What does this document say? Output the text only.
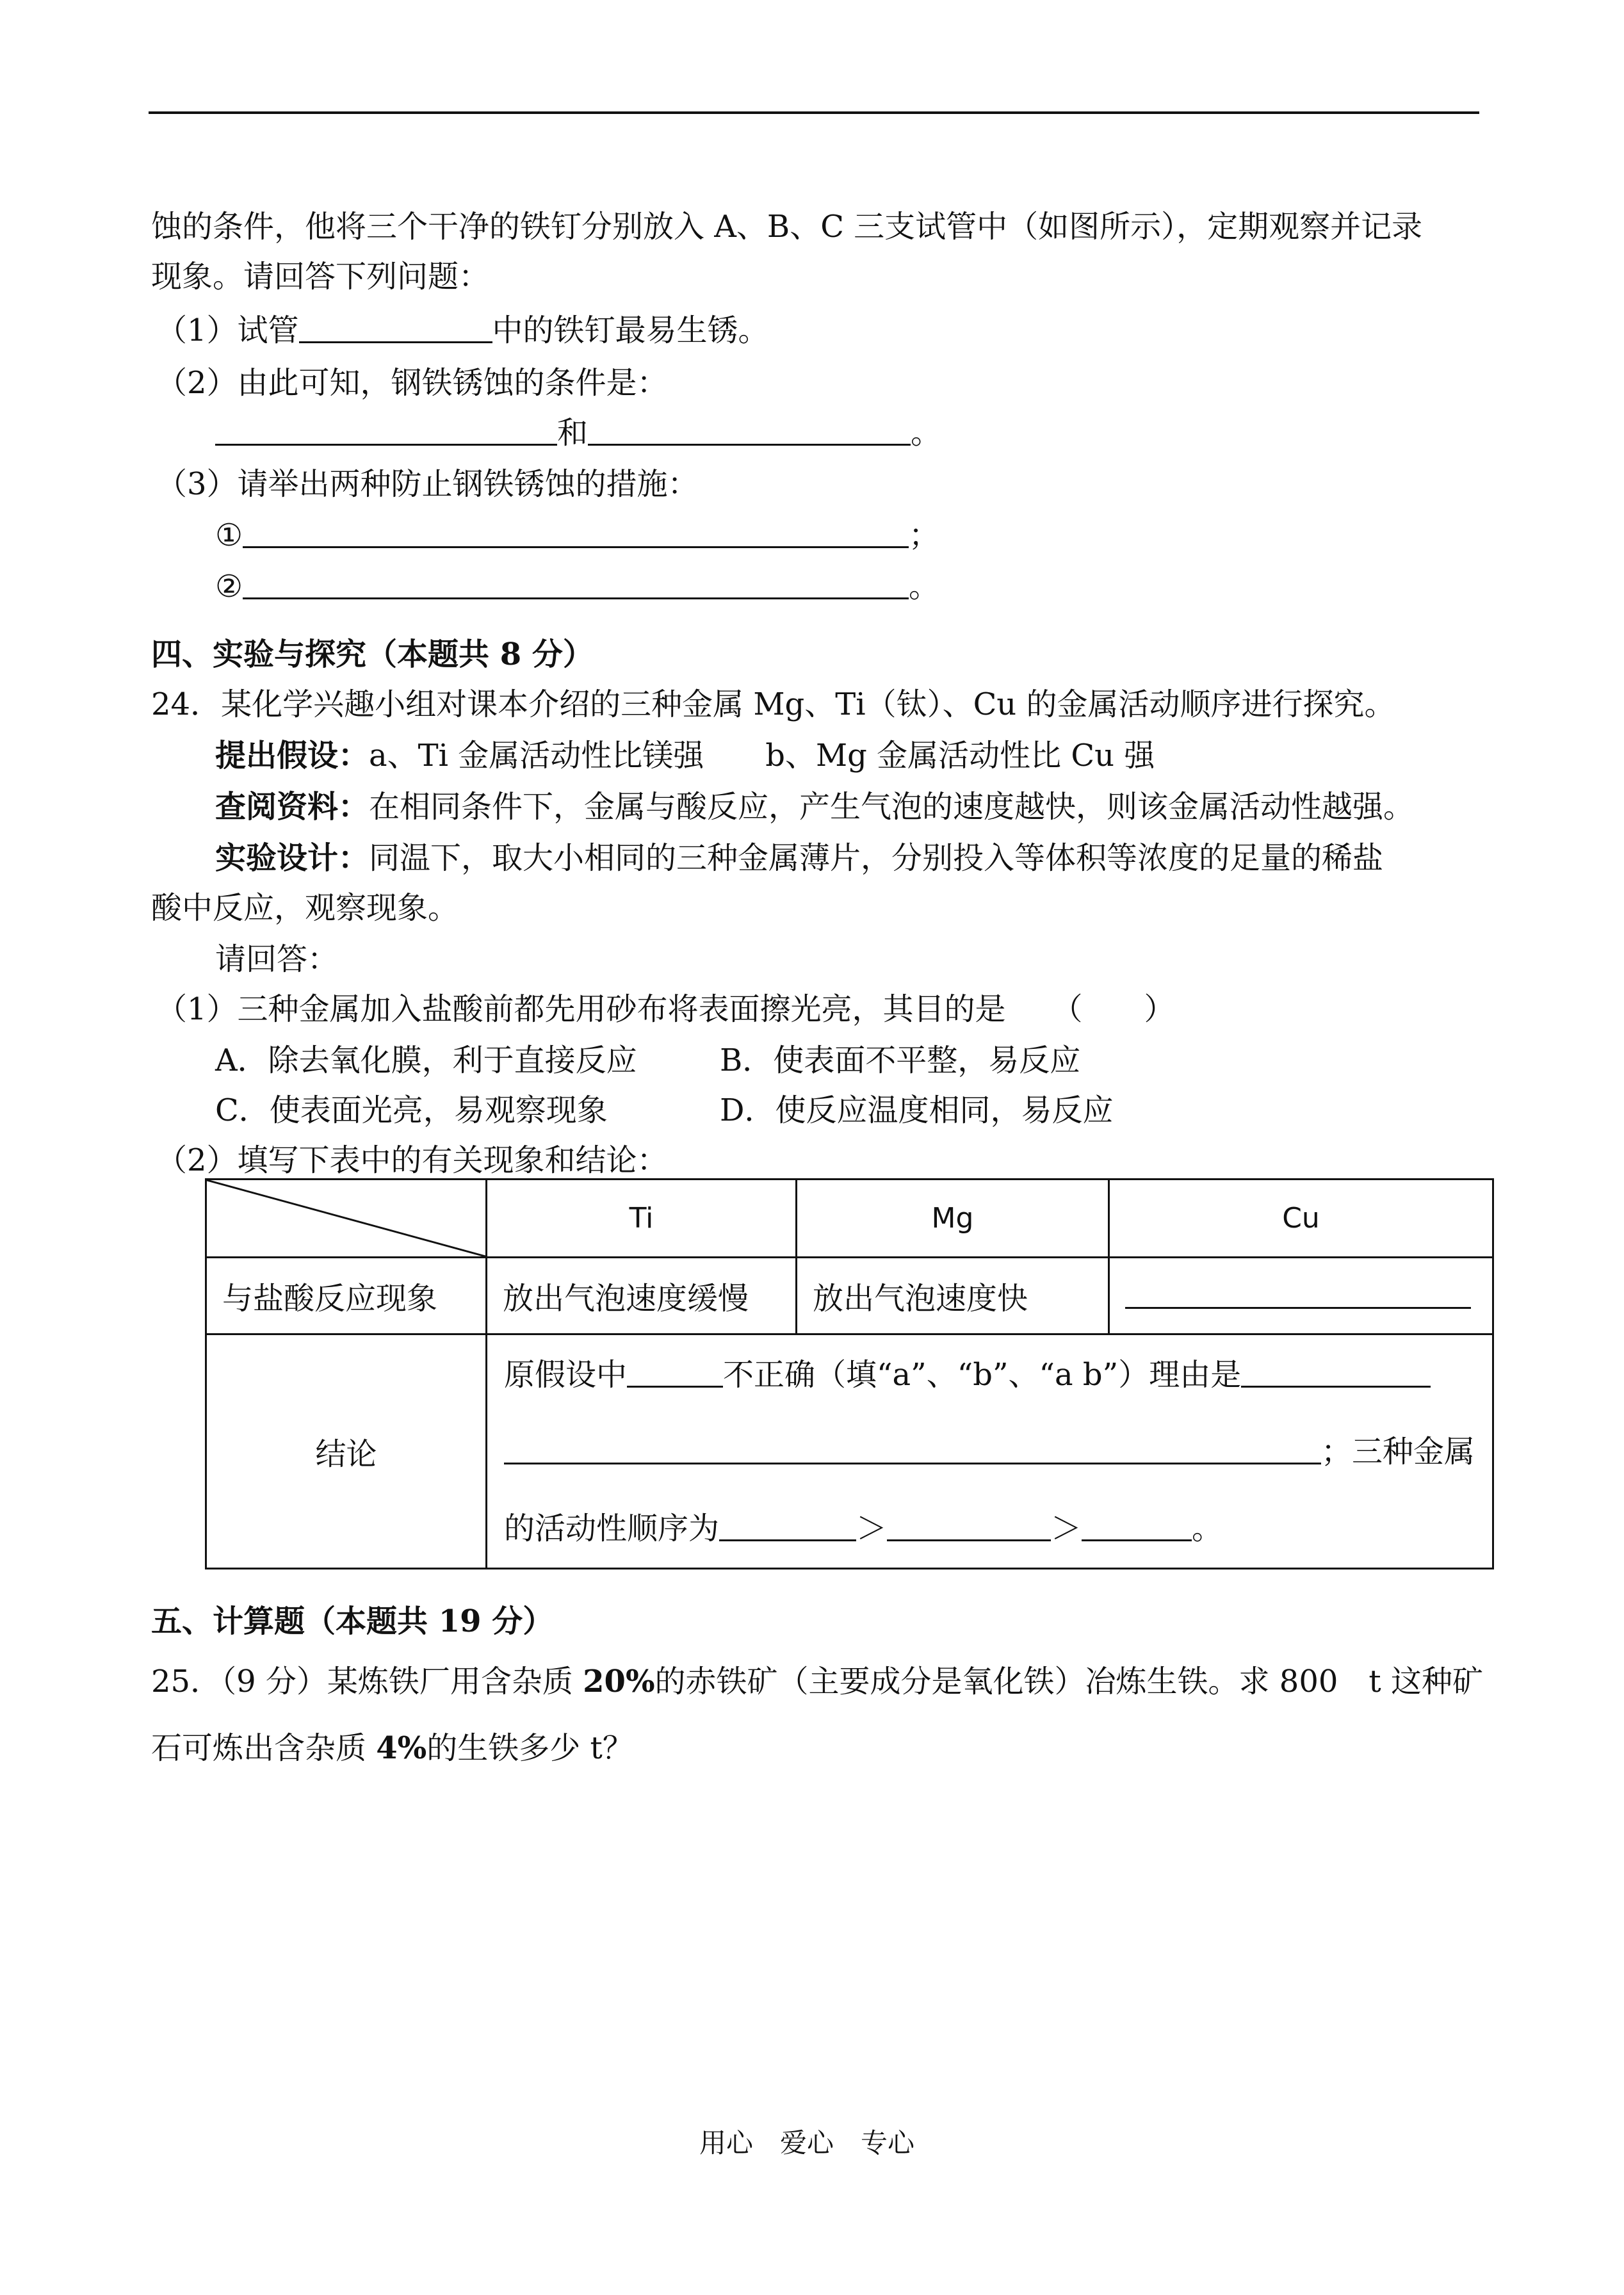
蚀的条件，他将三个干净的铁钉分别放入 A、B、C 三支试管中（如图所示），定期观察并记录
现象。请回答下列问题：
（1）试管	中的铁钉最易生锈。
（2）由此可知，钢铁锈蚀的条件是：
和	。
（3）请举出两种防止钢铁锈蚀的措施：
①	；
②	。
四、实验与探究（本题共 8 分）
24．某化学兴趣小组对课本介绍的三种金属 Mg、Ti（钛）、Cu 的金属活动顺序进行探究。
提出假设：a、Ti 金属活动性比镁强　　b、Mg 金属活动性比 Cu 强
查阅资料：在相同条件下，金属与酸反应，产生气泡的速度越快，则该金属活动性越强。
实验设计：同温下，取大小相同的三种金属薄片，分别投入等体积等浓度的足量的稀盐
酸中反应，观察现象。
请回答：
（1）三种金属加入盐酸前都先用砂布将表面擦光亮，其目的是　　（　　）
A．除去氧化膜，利于直接反应	B．使表面不平整，易反应
C．使表面光亮，易观察现象	D．使反应温度相同，易反应
（2）填写下表中的有关现象和结论：
	Ti	Mg	Cu
与盐酸反应现象	放出气泡速度缓慢	放出气泡速度快	
结论	原假设中 不正确（填“a”、“b”、“a b”）理由是
；三种金属
的活动性顺序为 ＞ ＞ 。		
五、计算题（本题共 19 分）
25．（9 分）某炼铁厂用含杂质 20%的赤铁矿（主要成分是氧化铁）冶炼生铁。求 800　t 这种矿
石可炼出含杂质 4%的生铁多少 t？
用心　爱心　专心
